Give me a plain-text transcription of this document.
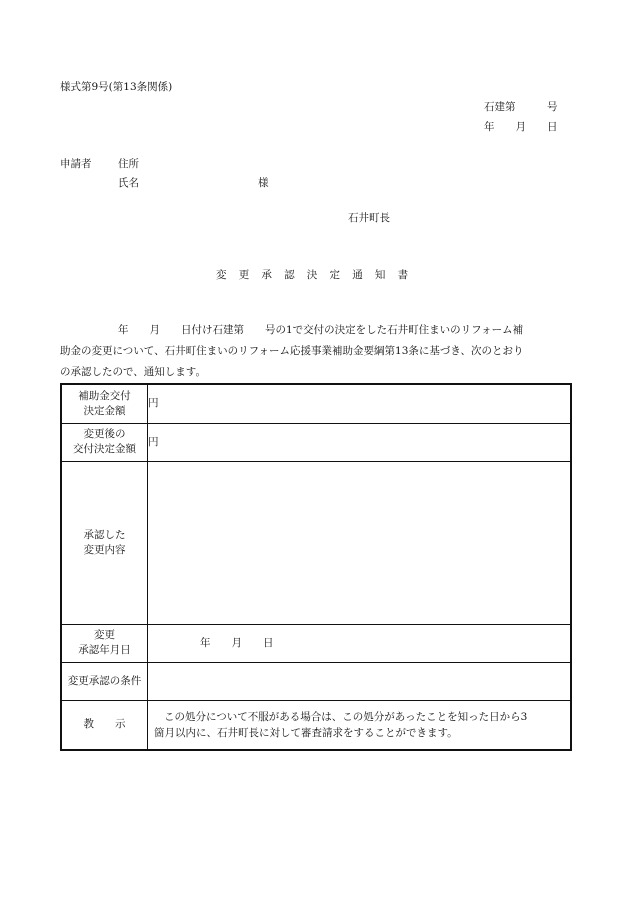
様式第9号(第13条関係)
石建第　　　号
年　　月　　日
申請者	住所
氏名	様
石井町長
変更承認決定通知書
年　　月　　日付け石建第　　号の1で交付の決定をした石井町住まいのリフォーム補
助金の変更について、石井町住まいのリフォーム応援事業補助金要綱第13条に基づき、次のとおり
の承認したので、通知します。
補助金交付
決定金額	円

変更後の
交付決定金額	円

承認した
変更内容	

変更
承認年月日	年　　月　　日
変更承認の条件	
教　　示	この処分について不服がある場合は、この処分があったことを知った日から3
箇月以内に、石井町長に対して審査請求をすることができます。
